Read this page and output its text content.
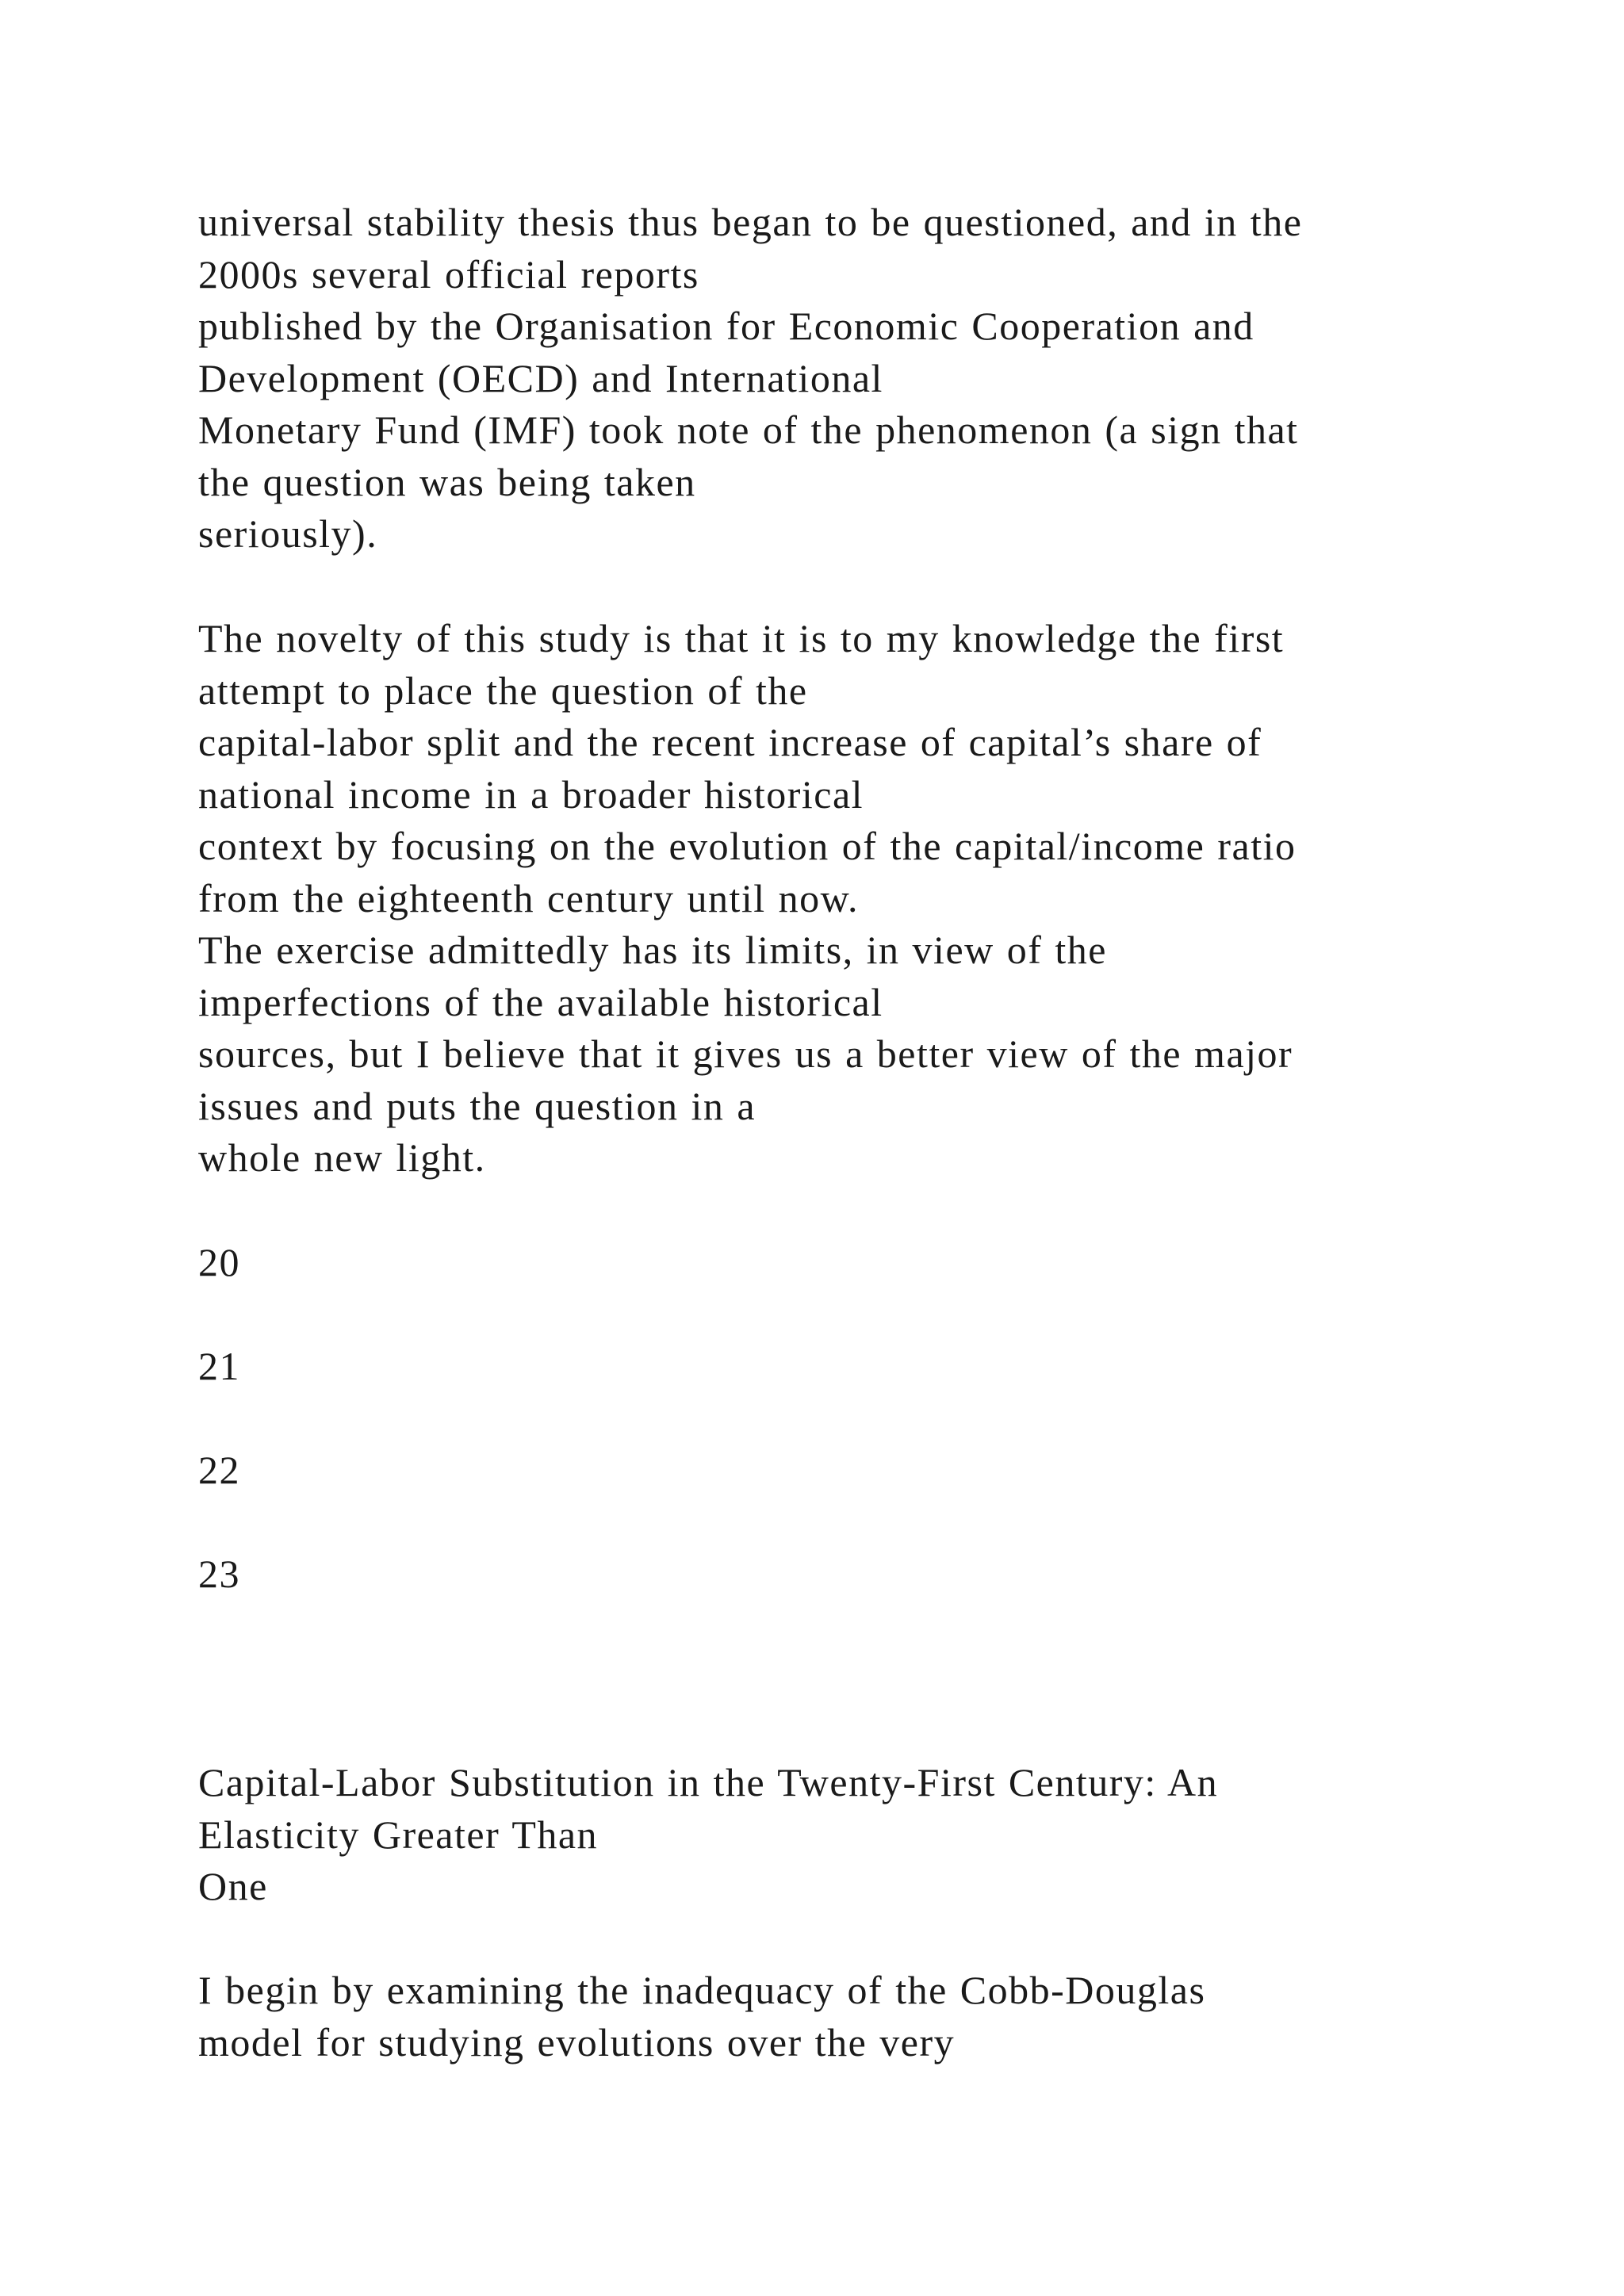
universal stability thesis thus began to be questioned, and in the
2000s several official reports
published by the Organisation for Economic Cooperation and
Development (OECD) and International
Monetary Fund (IMF) took note of the phenomenon (a sign that
the question was being taken
seriously).
The novelty of this study is that it is to my knowledge the first
attempt to place the question of the
capital-labor split and the recent increase of capital’s share of
national income in a broader historical
context by focusing on the evolution of the capital/income ratio
from the eighteenth century until now.
The exercise admittedly has its limits, in view of the
imperfections of the available historical
sources, but I believe that it gives us a better view of the major
issues and puts the question in a
whole new light.
20
21
22
23
Capital-Labor Substitution in the Twenty-First Century: An
Elasticity Greater Than
One
I begin by examining the inadequacy of the Cobb-Douglas
model for studying evolutions over the very
